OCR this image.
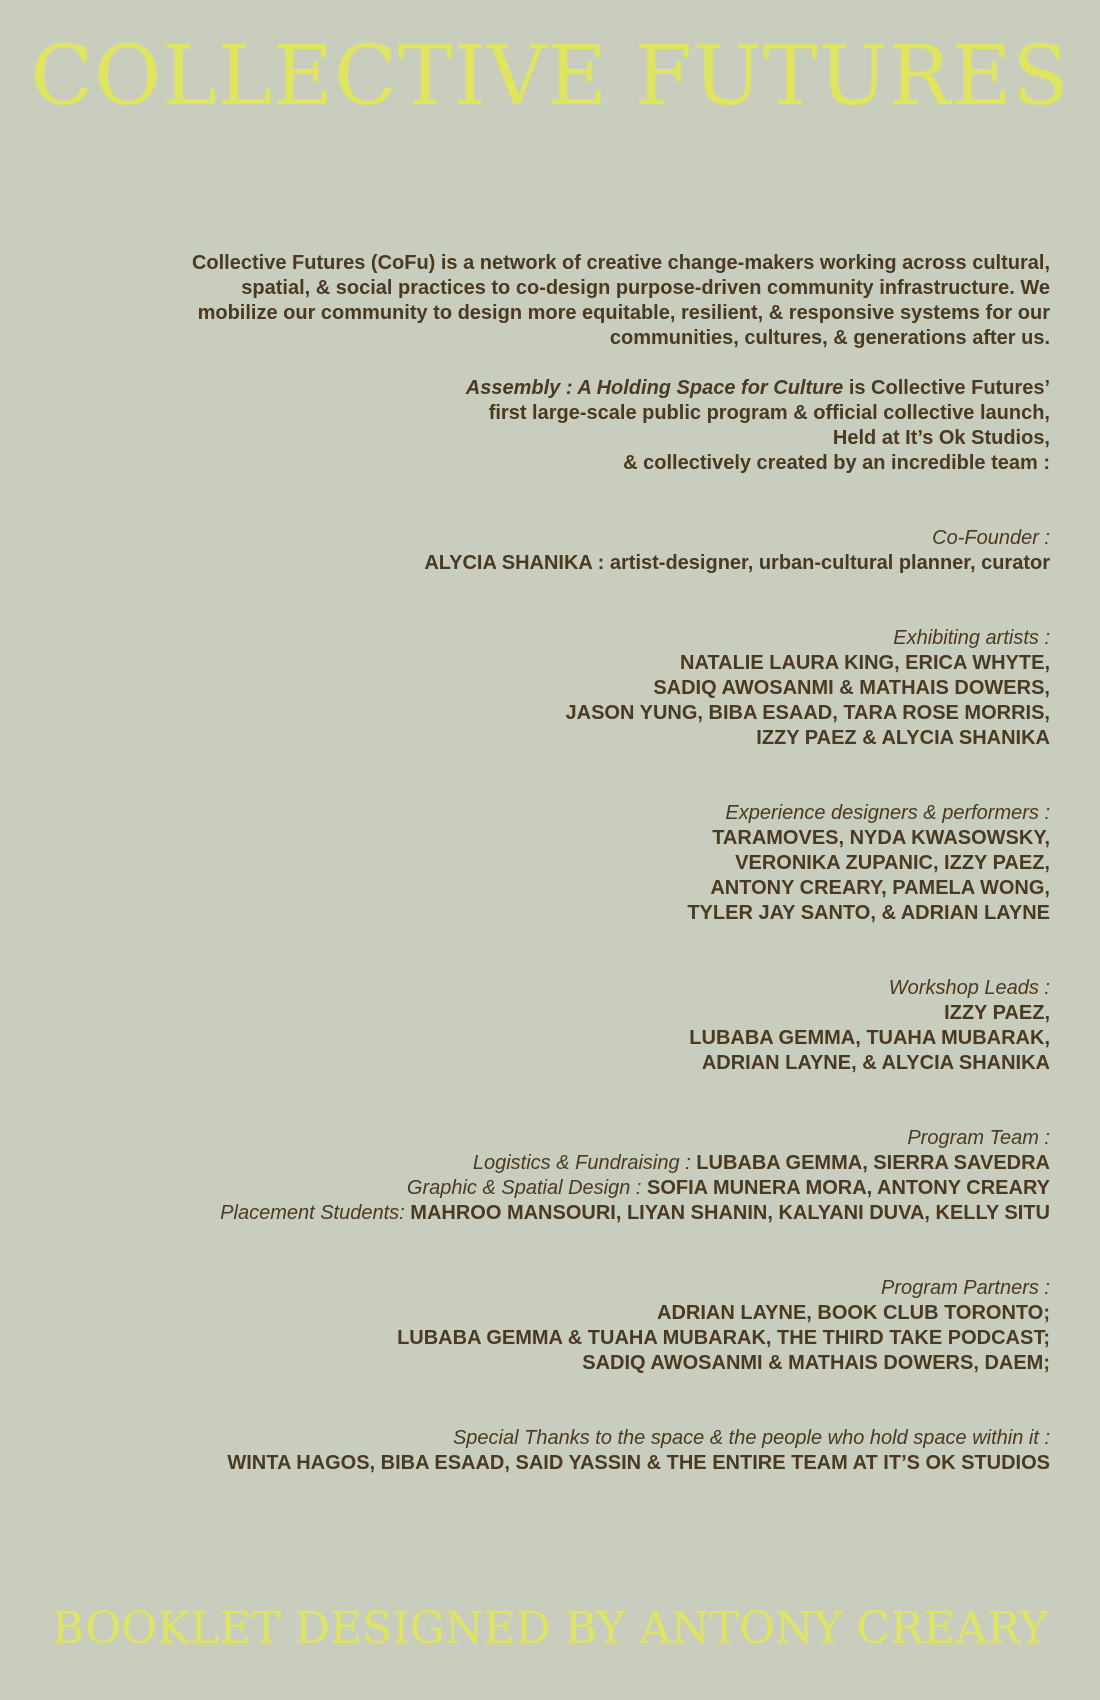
COLLECTIVE FUTURES
Collective Futures (CoFu) is a network of creative change-makers working across cultural,
spatial, & social practices to co-design purpose-driven community infrastructure. We
mobilize our community to design more equitable, resilient, & responsive systems for our
communities, cultures, & generations after us.
Assembly : A Holding Space for Culture is Collective Futures’
first large-scale public program & official collective launch,
Held at It’s Ok Studios,
& collectively created by an incredible team :
Co-Founder :
ALYCIA SHANIKA : artist-designer, urban-cultural planner, curator
Exhibiting artists :
NATALIE LAURA KING, ERICA WHYTE,
SADIQ AWOSANMI & MATHAIS DOWERS,
JASON YUNG, BIBA ESAAD, TARA ROSE MORRIS,
IZZY PAEZ & ALYCIA SHANIKA
Experience designers & performers :
TARAMOVES, NYDA KWASOWSKY,
VERONIKA ZUPANIC, IZZY PAEZ,
ANTONY CREARY, PAMELA WONG,
TYLER JAY SANTO, & ADRIAN LAYNE
Workshop Leads :
IZZY PAEZ,
LUBABA GEMMA, TUAHA MUBARAK,
ADRIAN LAYNE, & ALYCIA SHANIKA
Program Team :
Logistics & Fundraising : LUBABA GEMMA, SIERRA SAVEDRA
Graphic & Spatial Design : SOFIA MUNERA MORA, ANTONY CREARY
Placement Students: MAHROO MANSOURI, LIYAN SHANIN, KALYANI DUVA, KELLY SITU
Program Partners :
ADRIAN LAYNE, BOOK CLUB TORONTO;
LUBABA GEMMA & TUAHA MUBARAK, THE THIRD TAKE PODCAST;
SADIQ AWOSANMI & MATHAIS DOWERS, DAEM;
Special Thanks to the space & the people who hold space within it :
WINTA HAGOS, BIBA ESAAD, SAID YASSIN & THE ENTIRE TEAM AT IT’S OK STUDIOS
BOOKLET DESIGNED BY ANTONY CREARY
